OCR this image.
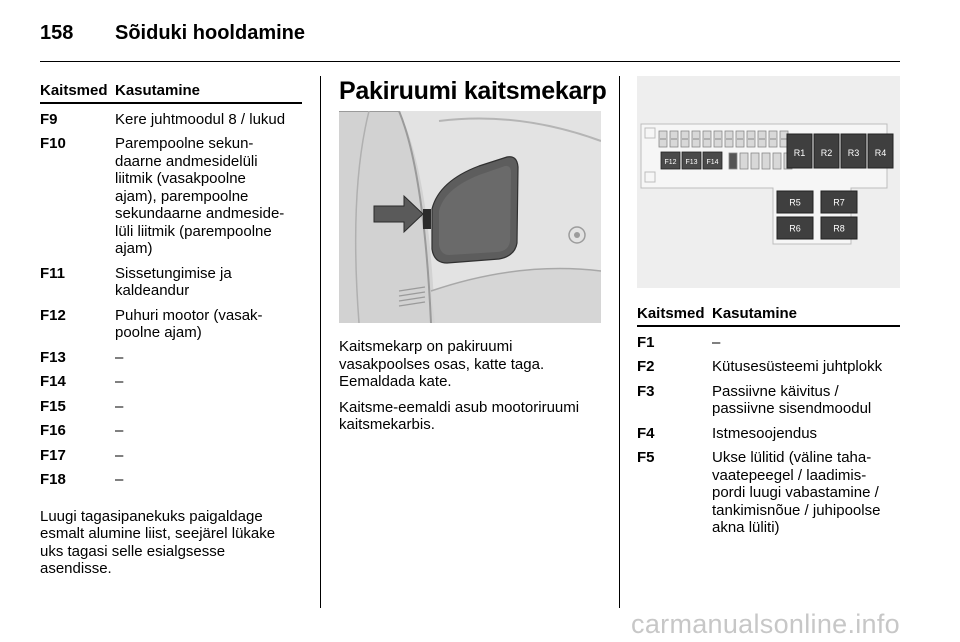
158	Sõiduki hooldamine
Kaitsmed Kasutamine
F9	Kere juhtmoodul 8 / lukud
F10	Parempoolne sekun-
daarne andmesidelüli
liitmik (vasakpoolne
ajam), parempoolne
sekundaarne andmeside-
lüli liitmik (parempoolne
ajam)
F11	Sissetungimise ja
kaldeandur
F12	Puhuri mootor (vasak-
poolne ajam)
F13	–
F14	–
F15	–
F16	–
F17	–
F18	–

Luugi tagasipanekuks paigaldage
esmalt alumine liist, seejärel lükake
uks tagasi selle esialgsesse
asendisse.

Pakiruumi kaitsmekarp

Kaitsmekarp on pakiruumi
vasakpoolses osas, katte taga.
Eemaldada kate.

Kaitsme-eemaldi asub mootoriruumi
kaitsmekarbis.

F12 F13 F14
R1 R2 R3 R4
R5	R7
R6	R8
Kaitsmed Kasutamine
F1	–
F2	Kütusesüsteemi juhtplokk
F3	Passiivne käivitus /
passiivne sisendmoodul
F4	Istmesoojendus
F5	Ukse lülitid (väline taha-
vaatepeegel / laadimis-
pordi luugi vabastamine /
tankimisnõue / juhipoolse
akna lüliti)
carmanualsonline.info
